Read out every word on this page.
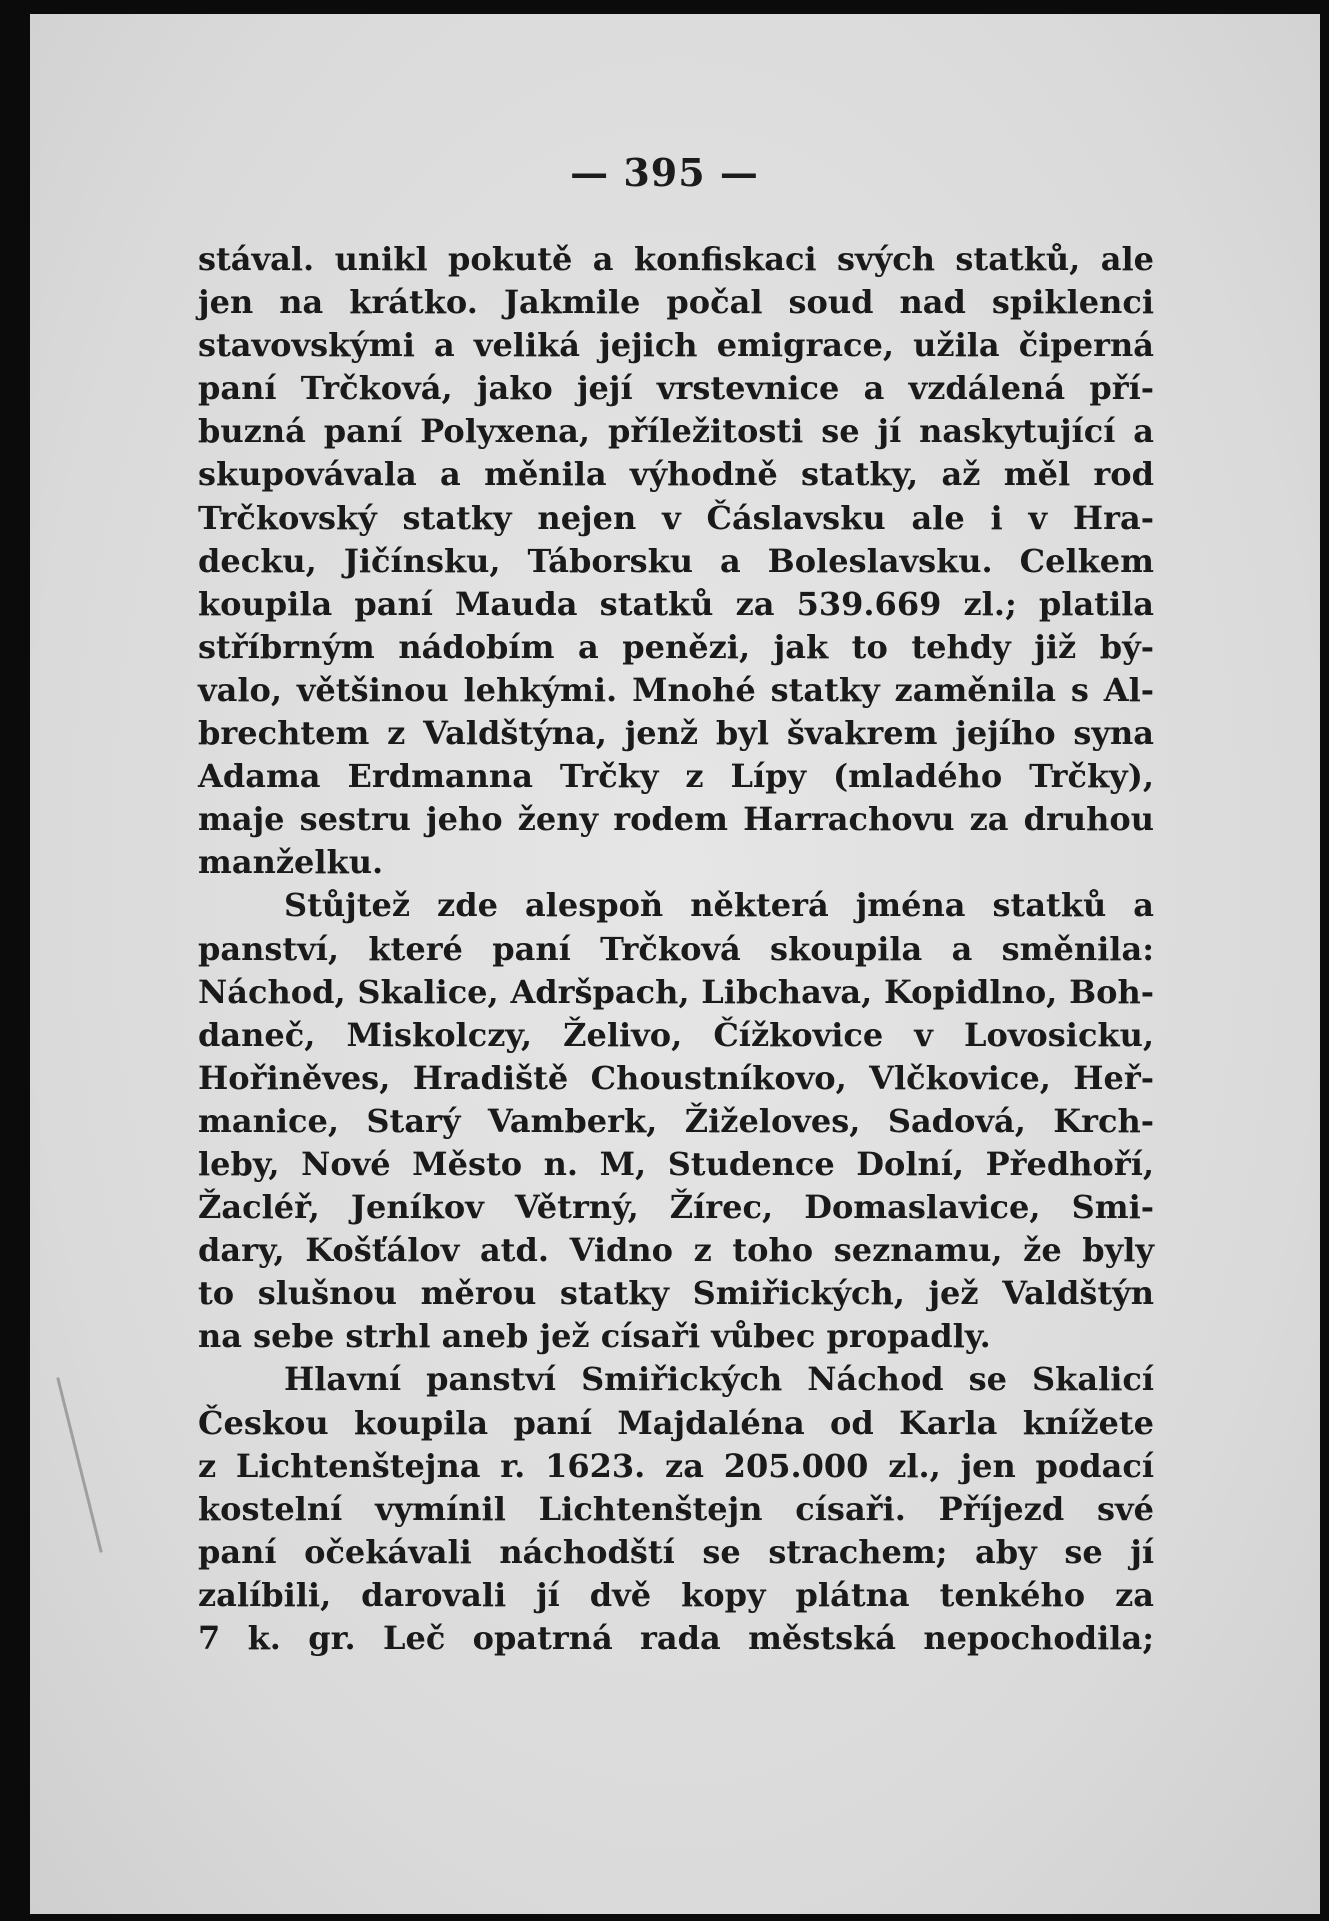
— 395 —
stával. unikl pokutě a konfiskaci svých statků, ale
jen na krátko. Jakmile počal soud nad spiklenci
stavovskými a veliká jejich emigrace, užila čiperná
paní Trčková, jako její vrstevnice a vzdálená pří-
buzná paní Polyxena, příležitosti se jí naskytující a
skupovávala a měnila výhodně statky, až měl rod
Trčkovský statky nejen v Čáslavsku ale i v Hra-
decku, Jičínsku, Táborsku a Boleslavsku. Celkem
koupila paní Mauda statků za 539.669 zl.; platila
stříbrným nádobím a penězi, jak to tehdy již bý-
valo, většinou lehkými. Mnohé statky zaměnila s Al-
brechtem z Valdštýna, jenž byl švakrem jejího syna
Adama Erdmanna Trčky z Lípy (mladého Trčky),
maje sestru jeho ženy rodem Harrachovu za druhou
manželku.
Stůjtež zde alespoň některá jména statků a
panství, které paní Trčková skoupila a směnila:
Náchod, Skalice, Adršpach, Libchava, Kopidlno, Boh-
daneč, Miskolczy, Želivo, Čížkovice v Lovosicku,
Hořiněves, Hradiště Choustníkovo, Vlčkovice, Heř-
manice, Starý Vamberk, Žiželoves, Sadová, Krch-
leby, Nové Město n. M, Studence Dolní, Předhoří,
Žacléř, Jeníkov Větrný, Žírec, Domaslavice, Smi-
dary, Košťálov atd. Vidno z toho seznamu, že byly
to slušnou měrou statky Smiřických, jež Valdštýn
na sebe strhl aneb jež císaři vůbec propadly.
Hlavní panství Smiřických Náchod se Skalicí
Českou koupila paní Majdaléna od Karla knížete
z Lichtenštejna r. 1623. za 205.000 zl., jen podací
kostelní vymínil Lichtenštejn císaři. Příjezd své
paní očekávali náchodští se strachem; aby se jí
zalíbili, darovali jí dvě kopy plátna tenkého za
7 k. gr. Leč opatrná rada městská nepochodila;
